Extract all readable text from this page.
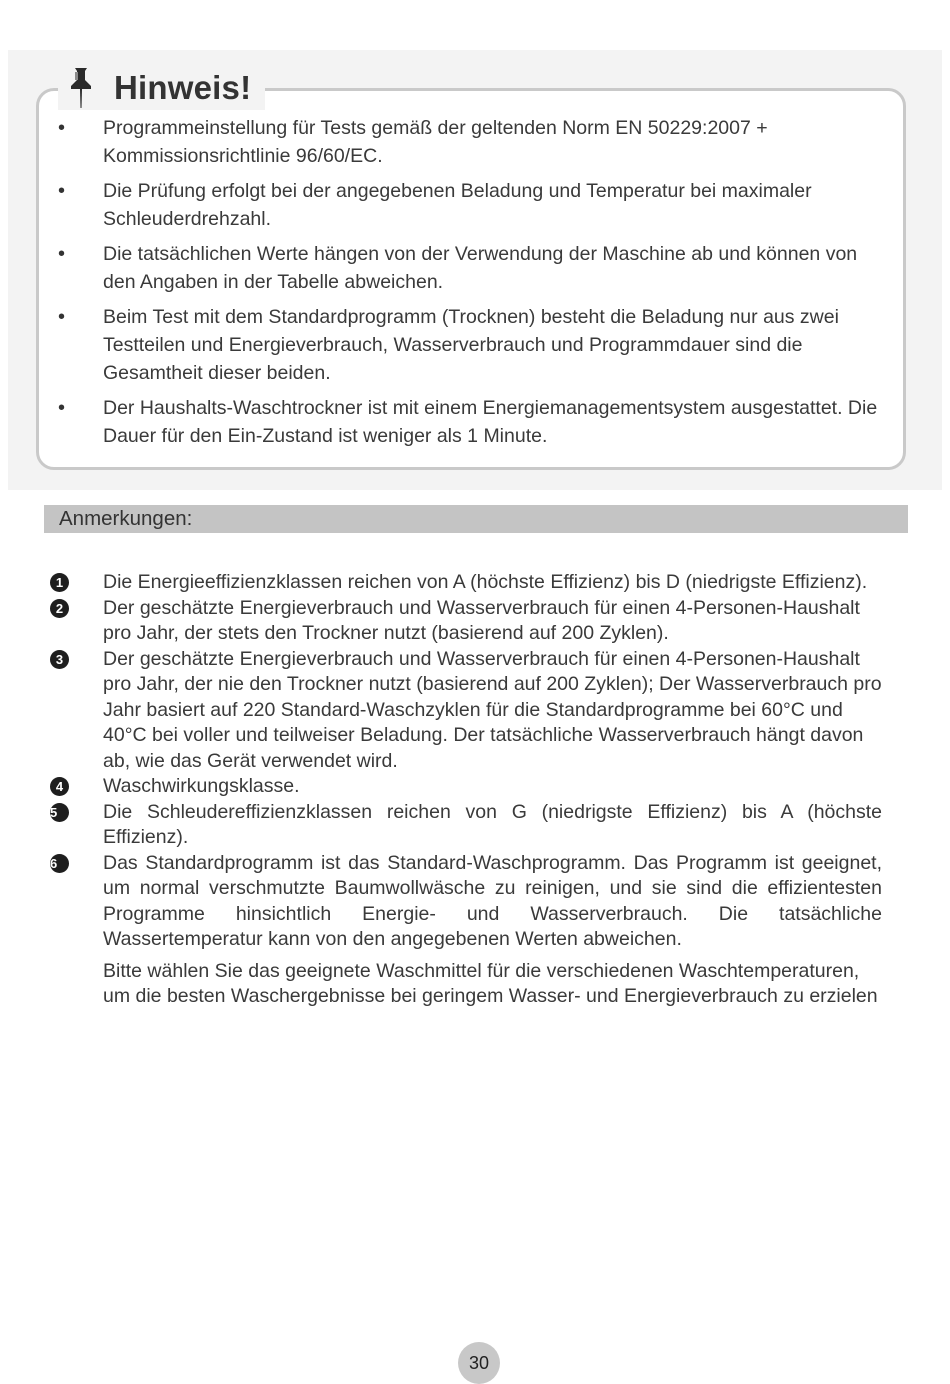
Hinweis!
• Programmeinstellung für Tests gemäß der geltenden Norm EN 50229:2007 + Kommissionsrichtlinie 96/60/EC.
• Die Prüfung erfolgt bei der angegebenen Beladung und Temperatur bei maximaler Schleuderdrehzahl.
• Die tatsächlichen Werte hängen von der Verwendung der Maschine ab und können von den Angaben in der Tabelle abweichen.
• Beim Test mit dem Standardprogramm (Trocknen) besteht die Beladung nur aus zwei Testteilen und Energieverbrauch, Wasserverbrauch und Programmdauer sind die Gesamtheit dieser beiden.
• Der Haushalts-Waschtrockner ist mit einem Energiemanagementsystem ausgestattet. Die Dauer für den Ein-Zustand ist weniger als 1 Minute.
Anmerkungen:
1	Die Energieeffizienzklassen reichen von A (höchste Effizienz) bis D (niedrigste Effizienz).
2	Der geschätzte Energieverbrauch und Wasserverbrauch für einen 4-Personen-Haushalt pro Jahr, der stets den Trockner nutzt (basierend auf 200 Zyklen).
3	Der geschätzte Energieverbrauch und Wasserverbrauch für einen 4-Personen-Haushalt pro Jahr, der nie den Trockner nutzt (basierend auf 200 Zyklen); Der Wasserverbrauch pro Jahr basiert auf 220 Standard-Waschzyklen für die Standardprogramme bei 60°C und 40°C bei voller und teilweiser Beladung. Der tatsächliche Wasserverbrauch hängt davon ab, wie das Gerät verwendet wird.
4	Waschwirkungsklasse.
5	Die Schleudereffizienzklassen reichen von G (niedrigste Effizienz) bis A (höchste Effizienz).
6	Das Standardprogramm ist das Standard-Waschprogramm. Das Programm ist geeignet, um normal verschmutzte Baumwollwäsche zu reinigen, und sie sind die effizientesten Programme hinsichtlich Energie- und Wasserverbrauch. Die tatsächliche Wassertemperatur kann von den angegebenen Werten abweichen.
Bitte wählen Sie das geeignete Waschmittel für die verschiedenen Waschtemperaturen, um die besten Waschergebnisse bei geringem Wasser- und Energieverbrauch zu erzielen
30
